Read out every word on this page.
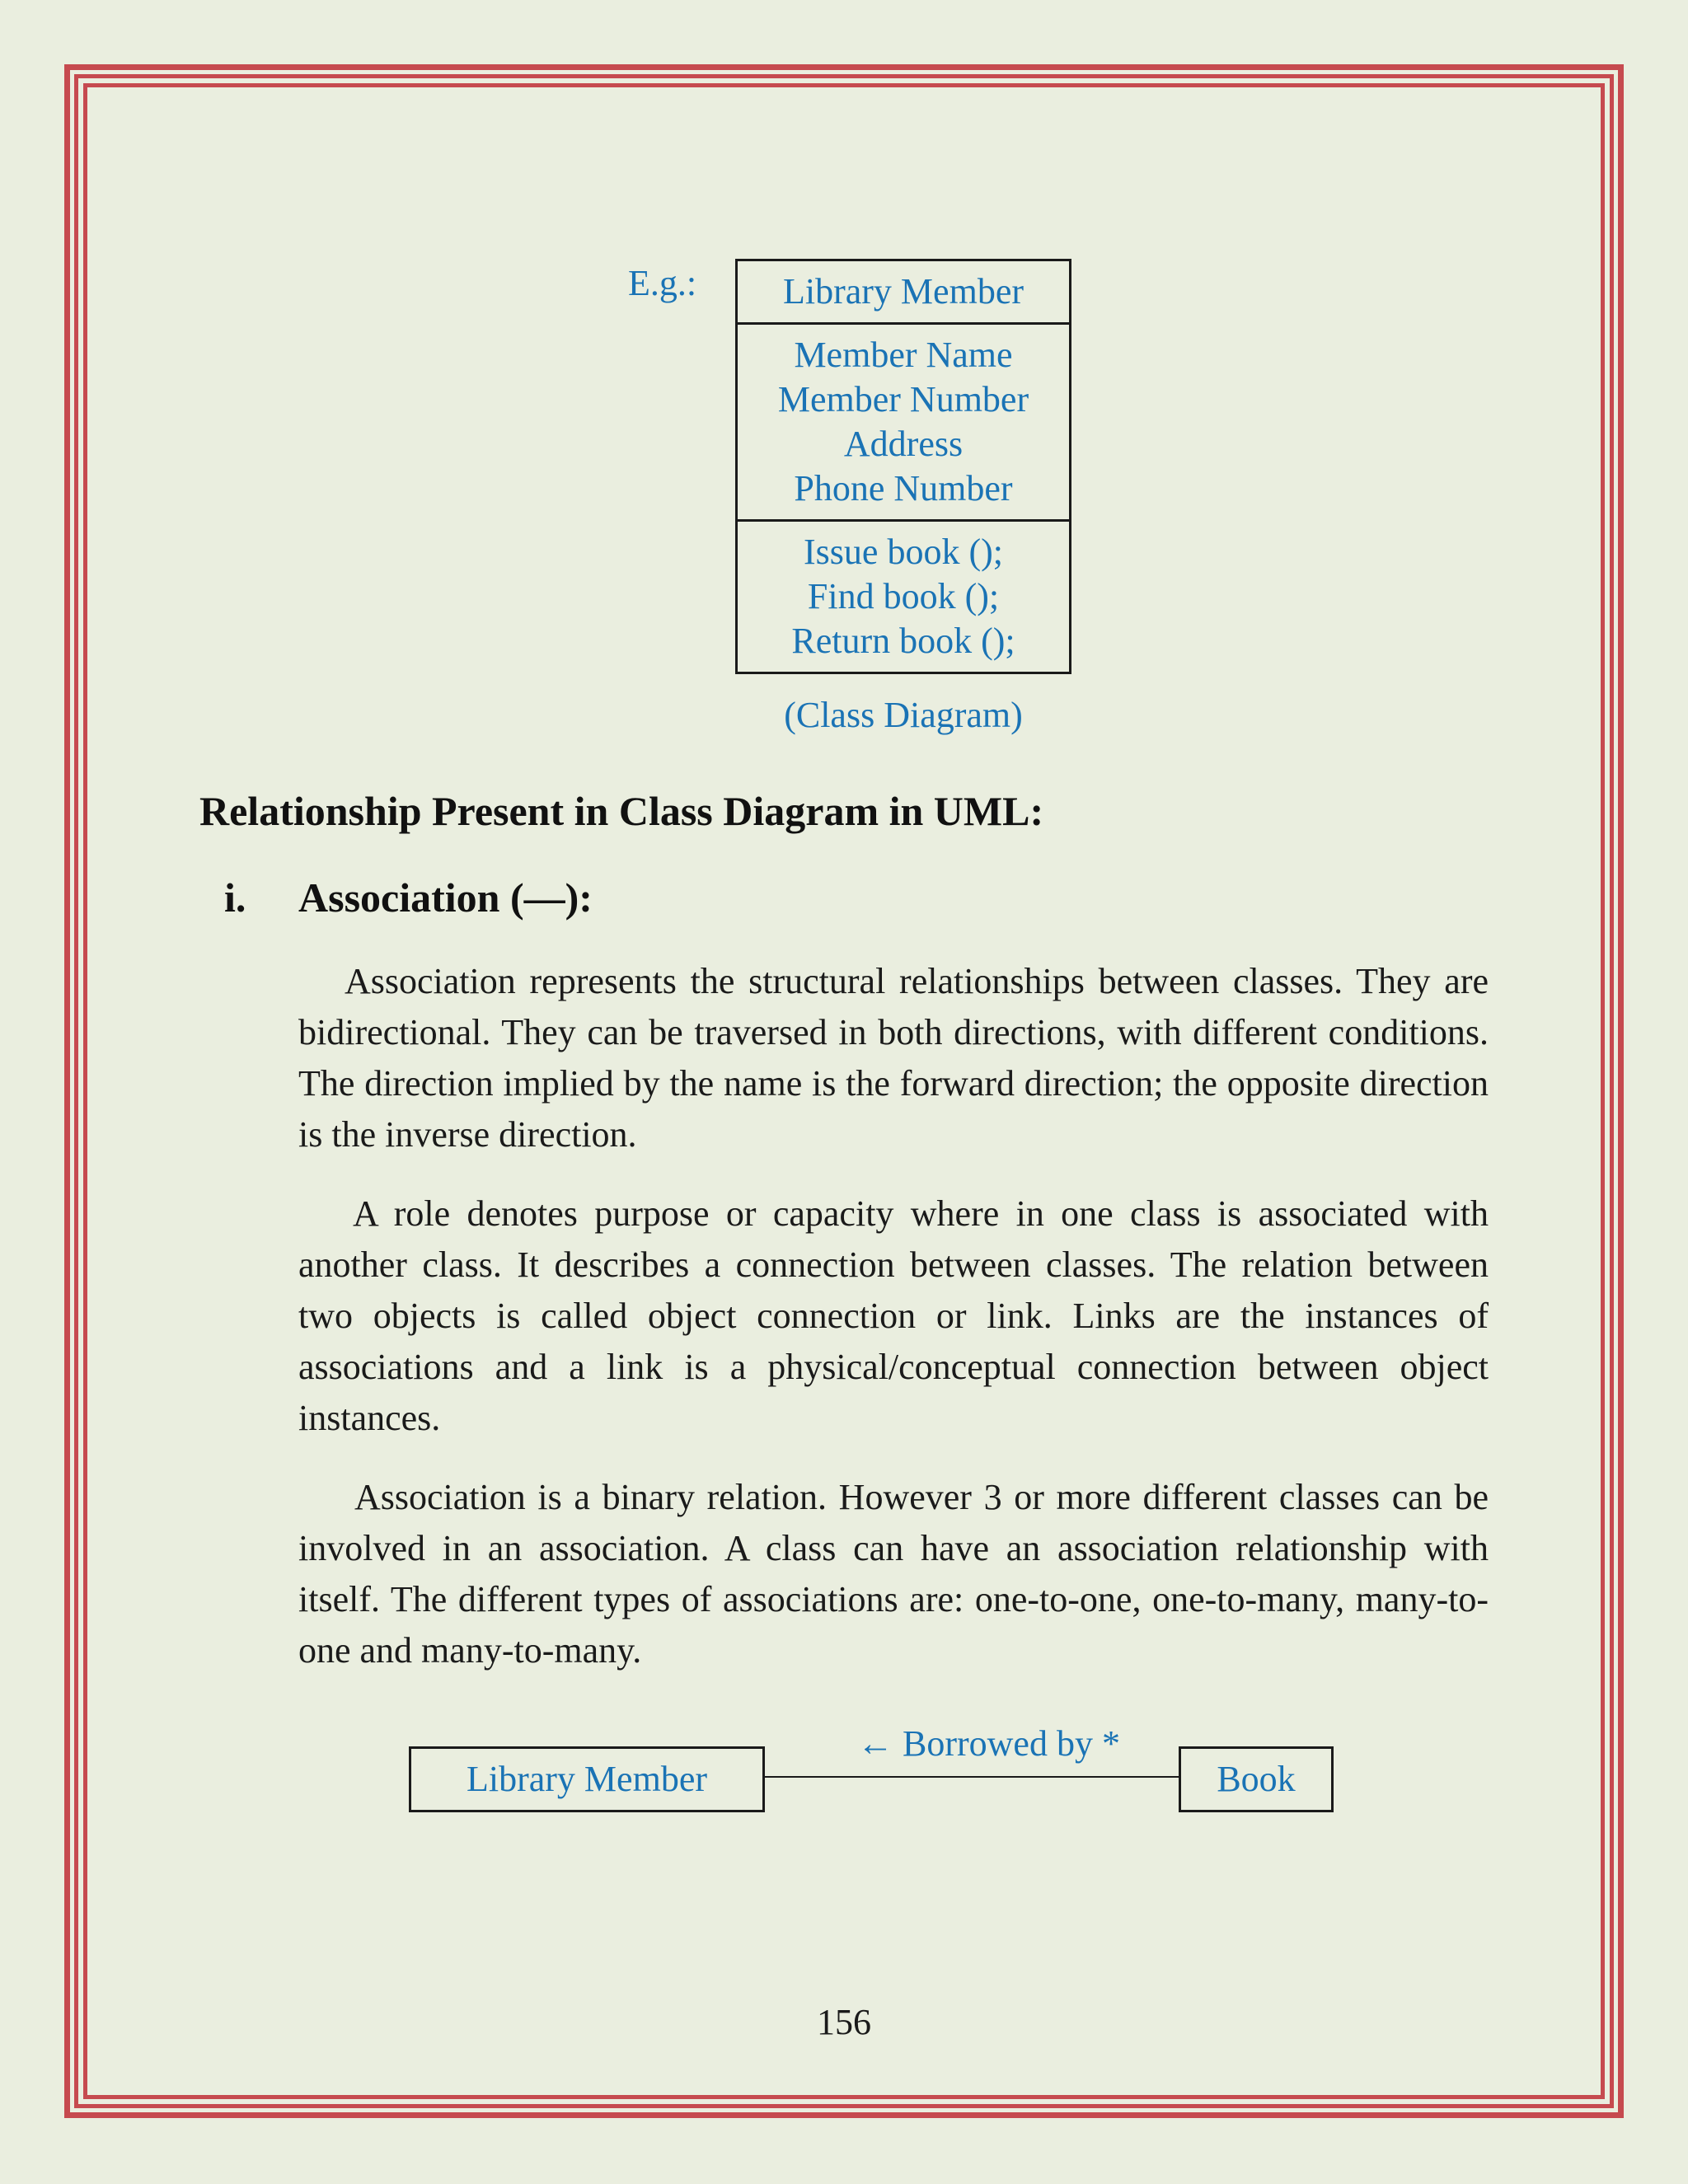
E.g.:	Library Member
Member Name
Member Number
Address
Phone Number
Issue book ();
Find book ();
Return book ();
(Class Diagram)
Relationship Present in Class Diagram in UML:
i. Association (—):

Association represents the structural relationships between classes. They are bidirectional. They can be traversed in both directions, with different conditions. The direction implied by the name is the forward direction; the opposite direction is the inverse direction.

A role denotes purpose or capacity where in one class is associated with another class. It describes a connection between classes. The relation between two objects is called object connection or link. Links are the instances of associations and a link is a physical/conceptual connection between object instances.

Association is a binary relation. However 3 or more different classes can be involved in an association. A class can have an association relationship with itself. The different types of associations are: one-to-one, one-to-many, many-to-one and many-to-many.

Library Member
← Borrowed by *
Book
156
